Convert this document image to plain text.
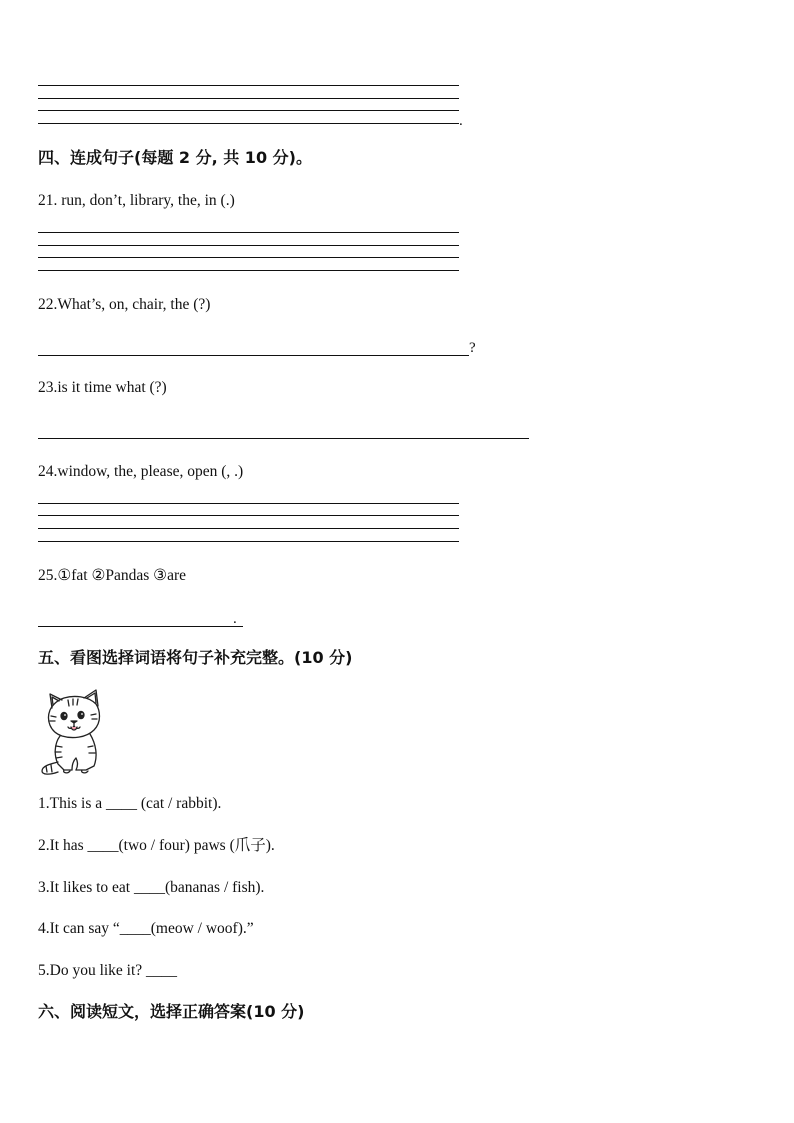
.
四、连成句子(每题 2 分, 共 10 分)。
21. run, don’t, library, the, in (.)
22.What’s, on, chair, the (?)
?
23.is it time what (?)
24.window, the, please, open (, .)
25.①fat ②Pandas ③are
.
五、看图选择词语将句子补充完整。(10 分)
1.This is a ____ (cat / rabbit).
2.It has ____(two / four) paws (爪子).
3.It likes to eat ____(bananas / fish).
4.It can say “____(meow / woof).”
5.Do you like it? ____
六、阅读短文，选择正确答案(10 分)
